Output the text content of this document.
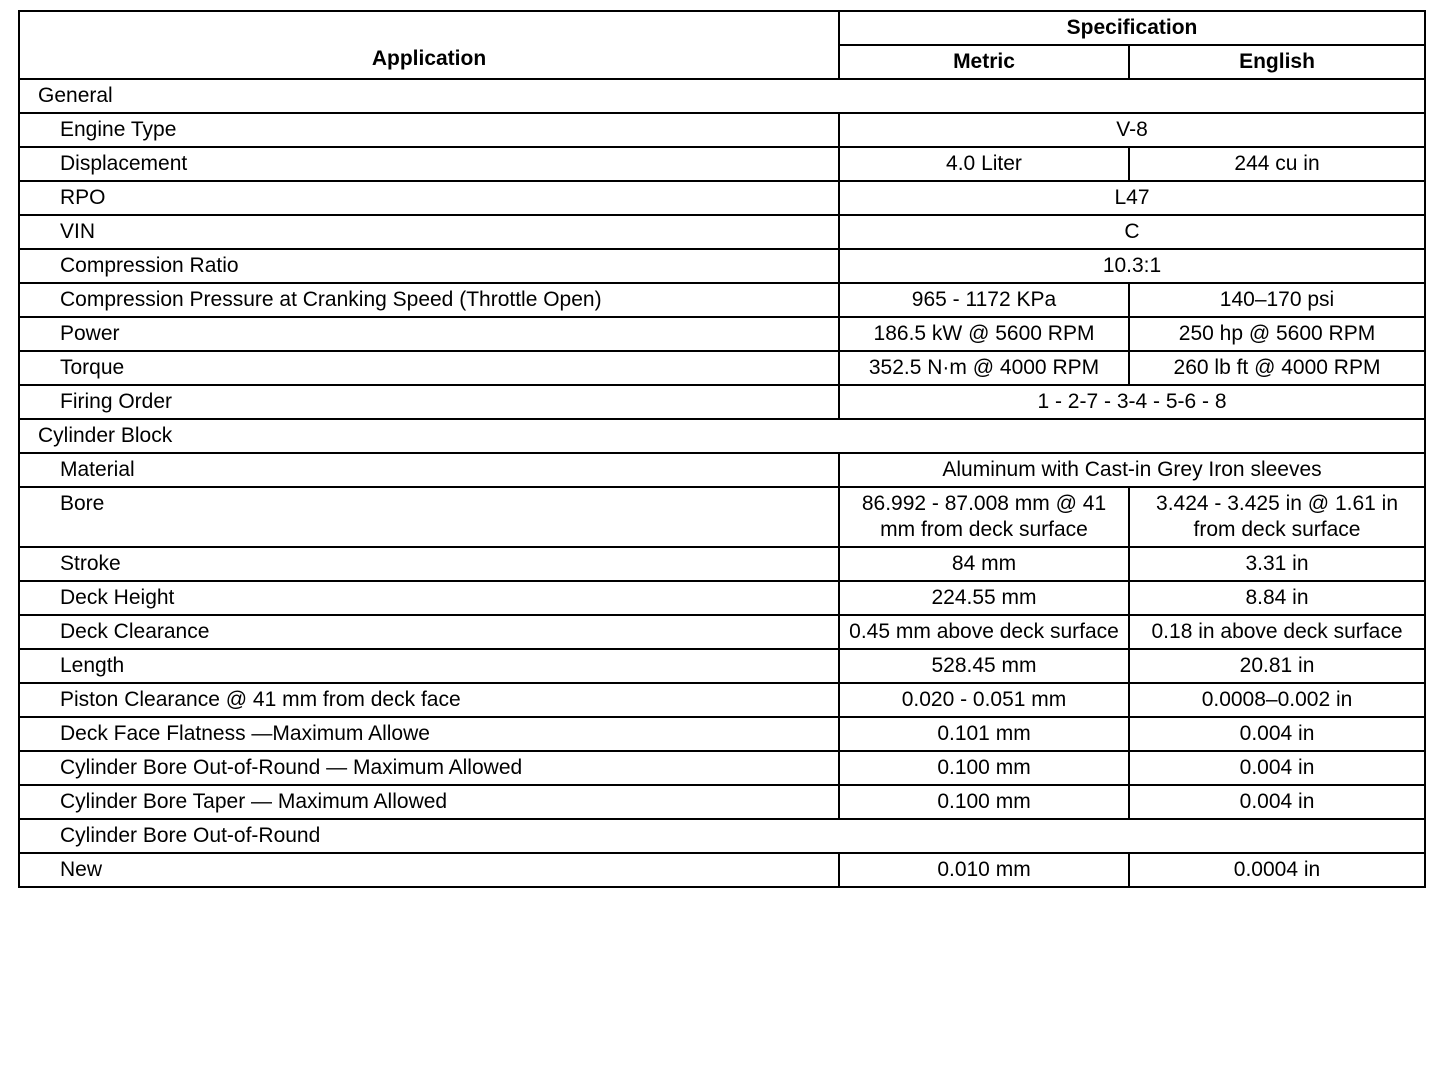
Application	Specification	
	Metric	English
General		
Engine Type	V-8	
Displacement	4.0 Liter	244 cu in
RPO	L47	
VIN	C	
Compression Ratio	10.3:1	
Compression Pressure at Cranking Speed (Throttle Open)	965 - 1172 KPa	140–170 psi
Power	186.5 kW @ 5600 RPM	250 hp @ 5600 RPM
Torque	352.5 N·m @ 4000 RPM	260 lb ft @ 4000 RPM
Firing Order	1 - 2-7 - 3-4 - 5-6 - 8	
Cylinder Block		
Material	Aluminum with Cast-in Grey Iron sleeves	
Bore	86.992 - 87.008 mm @ 41 mm from deck surface	3.424 - 3.425 in @ 1.61 in from deck surface
Stroke	84 mm	3.31 in
Deck Height	224.55 mm	8.84 in
Deck Clearance	0.45 mm above deck surface	0.18 in above deck surface
Length	528.45 mm	20.81 in
Piston Clearance @ 41 mm from deck face	0.020 - 0.051 mm	0.0008–0.002 in
Deck Face Flatness —Maximum Allowe	0.101 mm	0.004 in
Cylinder Bore Out-of-Round — Maximum Allowed	0.100 mm	0.004 in
Cylinder Bore Taper — Maximum Allowed	0.100 mm	0.004 in
Cylinder Bore Out-of-Round		
New	0.010 mm	0.0004 in
